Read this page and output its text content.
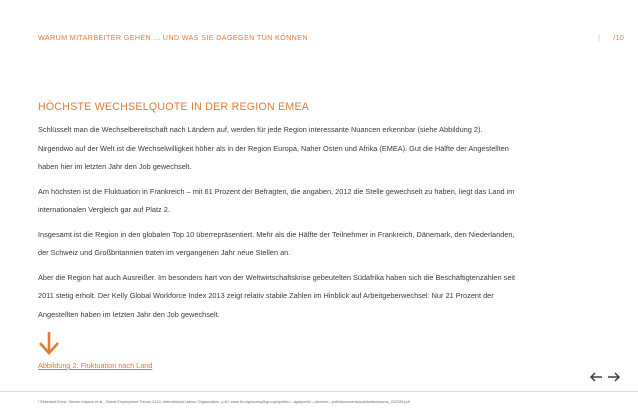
WARUM MITARBEITER GEHEN ... UND WAS SIE DAGEGEN TUN KÖNNEN	| /10
HÖCHSTE WECHSELQUOTE IN DER REGION EMEA

Schlüsselt man die Wechselbereitschaft nach Ländern auf, werden für jede Region interessante Nuancen erkennbar (siehe Abbildung 2). Nirgendwo auf der Welt ist die Wechselwilligkeit höher als in der Region Europa, Naher Osten und Afrika (EMEA). Gut die Hälfte der Angestellten haben hier im letzten Jahr den Job gewechselt.

Am höchsten ist die Fluktuation in Frankreich – mit 61 Prozent der Befragten, die angaben, 2012 die Stelle gewechselt zu haben, liegt das Land im internationalen Vergleich gar auf Platz 2.

Insgesamt ist die Region in den globalen Top 10 überrepräsentiert. Mehr als die Hälfte der Teilnehmer in Frankreich, Dänemark, den Niederlanden, der Schweiz und Großbritannien traten im vergangenen Jahr neue Stellen an.

Aber die Region hat auch Ausreißer. Im besonders hart von der Weltwirtschaftskrise gebeutelten Südafrika haben sich die Beschäftigtenzahlen seit 2011 stetig erholt. Der Kelly Global Workforce Index 2013 zeigt relativ stabile Zahlen im Hinblick auf Arbeitgeberwechsel: Nur 21 Prozent der Angestellten haben im letzten Jahr den Job gewechselt.

Abbildung 2: Fluktuation nach Land
¹ Ekkehard Ernst, Steven Kapsos et al., Global Employment Trends 2013, International Labour Organization, p.40, www.ilo.org/wcmsp5/groups/public/---dgreports/---dcomm/---publ/documents/publication/wcms_202326.pdf
